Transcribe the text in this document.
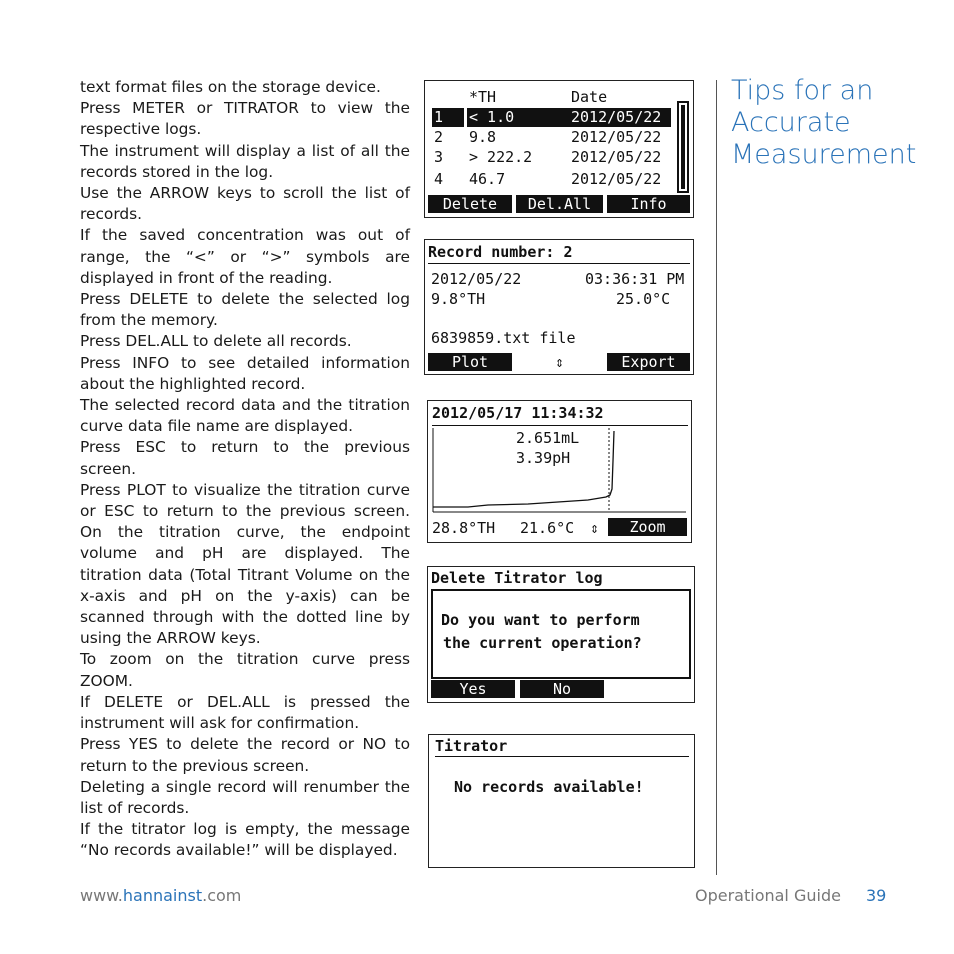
text format files on the storage device.

Press METER or TITRATOR to view the respective logs.

The instrument will display a list of all the records stored in the log.

Use the ARROW keys to scroll the list of records.

If the saved concentration was out of range, the “<” or “>” symbols are displayed in front of the reading.

Press DELETE to delete the selected log from the memory.

Press DEL.ALL to delete all records.

Press INFO to see detailed information about the highlighted record.

The selected record data and the titration curve data file name are displayed.

Press ESC to return to the previous screen.

Press PLOT to visualize the titration curve or ESC to return to the previous screen. On the titration curve, the endpoint volume and pH are displayed. The titration data (Total Titrant Volume on the x-axis and pH on the y-axis) can be scanned through with the dotted line by using the ARROW keys.

To zoom on the titration curve press ZOOM.

If DELETE or DEL.ALL is pressed the instrument will ask for confirmation.

Press YES to delete the record or NO to return to the previous screen.

Deleting a single record will renumber the list of records.

If the titrator log is empty, the message “No records available!” will be displayed.

*TH	Date
1 < 1.0	2012/05/22
2 9.8	2012/05/22
3 > 222.2	2012/05/22
4 46.7	2012/05/22
Delete	Del.All	Info
Record number: 2
2012/05/22	03:36:31 PM
9.8°TH	25.0°C
6839859.txt file
Plot	⇕	Export
2012/05/17 11:34:32
2.651mL
3.39pH
28.8°TH 21.6°C ⇕	Zoom
Delete Titrator log
Do you want to perform
the current operation?
Yes	No
Titrator
No records available!
Tips for an
Accurate
Measurement
www.hannainst.com	Operational Guide 39
